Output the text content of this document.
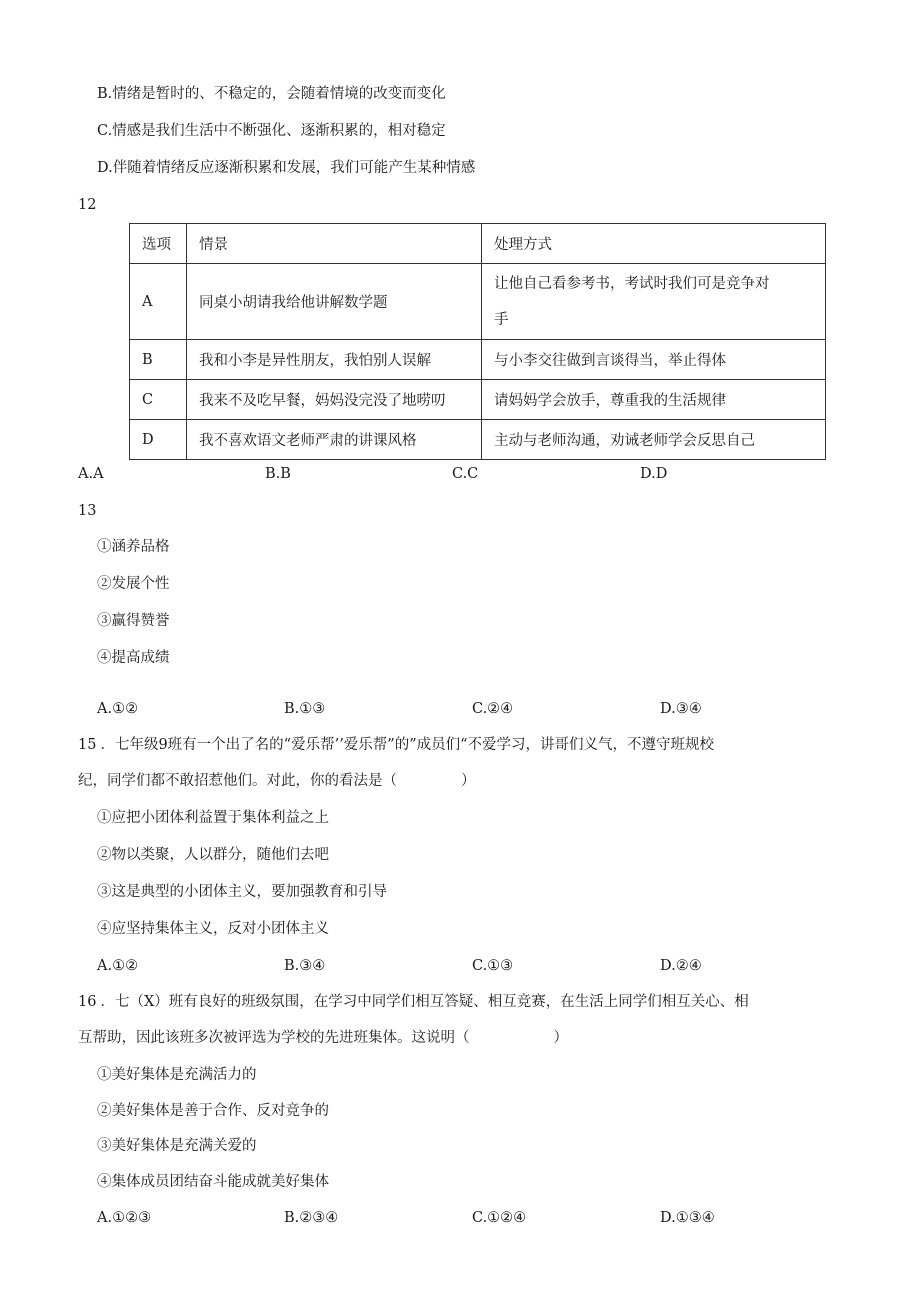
B.情绪是暂时的、不稳定的，会随着情境的改变而变化
C.情感是我们生活中不断强化、逐渐积累的，相对稳定
D.伴随着情绪反应逐渐积累和发展，我们可能产生某种情感
12
选项	情景	处理方式
A	同桌小胡请我给他讲解数学题	让他自己看参考书，考试时我们可是竞争对
手
B	我和小李是异性朋友，我怕别人误解	与小李交往做到言谈得当，举止得体
C	我来不及吃早餐，妈妈没完没了地唠叨	请妈妈学会放手，尊重我的生活规律
D	我不喜欢语文老师严肃的讲课风格	主动与老师沟通，劝诫老师学会反思自己
A.A	B.B	C.C	D.D
13
①涵养品格
②发展个性
③赢得赞誉
④提高成绩
A.①②	B.①③	C.②④	D.③④
15 ．七年级9班有一个出了名的“爱乐帮’’爱乐帮”的”成员们“不爱学习，讲哥们义气，不遵守班规校
纪，同学们都不敢招惹他们。对此，你的看法是（	）
①应把小团体利益置于集体利益之上
②物以类聚，人以群分，随他们去吧
③这是典型的小团体主义，要加强教育和引导
④应坚持集体主义，反对小团体主义
A.①②	B.③④	C.①③	D.②④
16 ．七（X）班有良好的班级氛围，在学习中同学们相互答疑、相互竞赛，在生活上同学们相互关心、相
互帮助，因此该班多次被评选为学校的先进班集体。这说明（	）
①美好集体是充满活力的
②美好集体是善于合作、反对竞争的
③美好集体是充满关爱的
④集体成员团结奋斗能成就美好集体
A.①②③	B.②③④	C.①②④	D.①③④
